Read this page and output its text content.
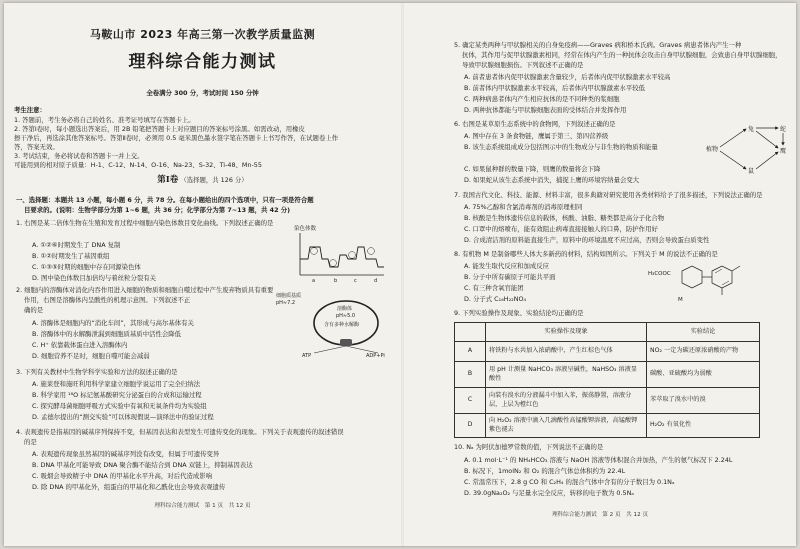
马鞍山市 2023 年高三第一次教学质量监测
理科综合能力测试
全卷满分 300 分，考试时间 150 分钟
考生注意：
1. 答题前，考生务必将自己的姓名、准考证号填写在答题卡上。
2. 答第Ⅰ卷时，每小题选出答案后，用 2B 铅笔把答题卡上对应题目的答案标号涂黑。如需改动，用橡皮
擦干净后，再选涂其他答案标号。答第Ⅱ卷时，必须用 0.5 毫米黑色墨水签字笔在答题卡上书写作答，在试题卷上作
答，答案无效。
3. 考试结束，务必将试卷和答题卡一并上交。
可能用到的相对原子质量：H-1、C-12、N-14、O-16、Na-23、S-32、Ti-48、Mn-55
第Ⅰ卷 （选择题，共 126 分）
一、选择题：本题共 13 小题，每小题 6 分，共 78 分。在每小题给出的四个选项中，只有一项是符合题
目要求的。(说明：生物学部分为第 1~6 题，共 36 分；化学部分为第 7~13 题，共 42 分)
1. 右图是某二倍体生物在生殖和发育过程中细胞内染色体数目变化曲线。下列叙述正确的是
A. ①②⑥时期发生了 DNA 复制
B. ①②时期发生了基因重组
C. ①③⑤时期的细胞中存在同源染色体
D. 图中染色体数目加倍均与着丝粒分裂有关
染色体数
a	b	c	d
2. 细胞内的溶酶体对消化内吞作用进入细胞的物质和细胞自噬过程中产生废弃物质具有重要
作用，右图是溶酶体内呈酸性的机理示意图。下列叙述不正
确的是
A. 溶酶体是细胞内的“消化车间”，其形成与高尔基体有关
B. 溶酶体中的水解酶泄漏到细胞质基质中活性会降低
C. H⁺ 依靠载体蛋白进入溶酶体内
D. 细胞营养不足时，细胞自噬可能会减弱
细胞质基质
pH≈7.2
溶酶体
pH≈5.0
含有多种水解酶
ATP	ADP+Pi
3. 下列有关教材中生物学科学实验和方法的叙述正确的是
A. 施莱登和施旺利用科学家建立细胞学说运用了完全归纳法
B. 科学家用 ¹⁸O 标记氨基酸研究分泌蛋白的合成和运输过程
C. 探究酵母菌细胞呼吸方式实验中有氧和无氧条件均为实验组
D. 孟德尔提出的“测交实验”可以体现假说—演绎法中的验证过程
4. 表观遗传是指基因的碱基序列保持不变，但基因表达和表型发生可遗传变化的现象。下列关于表观遗传的叙述错误
的是
A. 表观遗传现象虽然基因的碱基序列没有改变，但属于可遗传变异
B. DNA 甲基化可能导致 DNA 聚合酶不能结合到 DNA 双链上，抑制基因表达
C. 吸烟会导致精子中 DNA 的甲基化水平升高，对后代造成影响
D. 除 DNA 的甲基化外，组蛋白的甲基化和乙酰化也会导致表观遗传
理科综合能力测试　第 1 页　共 12 页
5. 确定某类两种与甲状腺相关的自身免疫病——Graves 病和桥本氏病。Graves 病患者体内产生一种
抗体，其作用与促甲状腺激素相同，经常在体内产生的一种抗体会攻击自身甲状腺细胞，会致患自身甲状腺细胞，
导致甲状腺细胞损伤。下列叙述不正确的是
A. 前者患者体内促甲状腺激素含量较少，后者体内促甲状腺激素水平较高
B. 前者体内甲状腺激素水平较高，后者体内甲状腺激素水平较低
C. 两种病患者体内产生相应抗体的是不同种类的浆细胞
D. 两种抗体都能与甲状腺细胞表面的受体结合并发挥作用
6. 右图是某草原生态系统中的食物网，下列叙述正确的是
A. 图中存在 3 条食物链，鹰属于第三、第四营养级
B. 该生态系统组成成分包括图示中的生物成分与非生物的物质和能量
C. 如果鼠种群的数量下降，则鹰的数量将会下降
D. 如果蛇从该生态系统中消失，捕捉上鹰的环境容纳量会变大
植物
兔	蛇
鼠
鹰
7. 我国古代文化、科技、能源、材料丰富，很多典籍对研究使用各类材料给予了很多描述，下列说法正确的是
A. 75%乙醇和含氯消毒剂的消毒原理相同
B. 核酸是生物体遗传信息的载体，核酸、油脂、糖类都是高分子化合物
C. 口罩中的熔喷布，能有效阻止病毒直接接触人的口鼻，防护作用好
D. 合成清洁剂的原料能直接生产，原料中的环境温度不应过高，否则会导致蛋白质变性
8. 有机物 M 是制备哪些人体大多新药的材料，结构如图所示。下列关于 M 的说法不正确的是
A. 能发生取代反应和加成反应
B. 分子中所有碳原子可能共平面
C. 有三种含氧官能团
D. 分子式 C₁₆H₂₂NO₄
H₃COOC
M
9. 下列实验操作及现象、实验结论均正确的是
	实验操作及现象	实验结论
A	将铁粉与水共加入浓硝酸中，产生红棕色气体	NO₂ 一定为碳还原浓硝酸的产物
B	用 pH 计测量 NaHCO₃ 溶液呈碱性，NaHSO₃ 溶液显酸性	碳酸、亚硫酸均为弱酸
C	向装有溴水的分液漏斗中加入苯，振荡静置，溶液分层，上层为橙红色	苯萃取了溴水中的溴
D	向 H₂O₂ 溶液中滴入几滴酸性高锰酸钾溶液，高锰酸钾紫色褪去	H₂O₂ 有氧化性
10. Nₐ 为阿伏加德罗常数的值，下列说法不正确的是
A. 0.1 mol·L⁻¹ 的 NH₄HCO₃ 溶液与 NaOH 溶液等体积混合并加热，产生的氨气标况下 2.24L
B. 标况下，1molN₂ 和 O₂ 的混合气体总体积约为 22.4L
C. 常温常压下，2.8 g CO 和 C₂H₄ 的混合气体中含有的分子数目为 0.1Nₐ
D. 39.0gNa₂O₂ 与足量水完全反应，转移的电子数为 0.5Nₐ
理科综合能力测试　第 2 页　共 12 页
